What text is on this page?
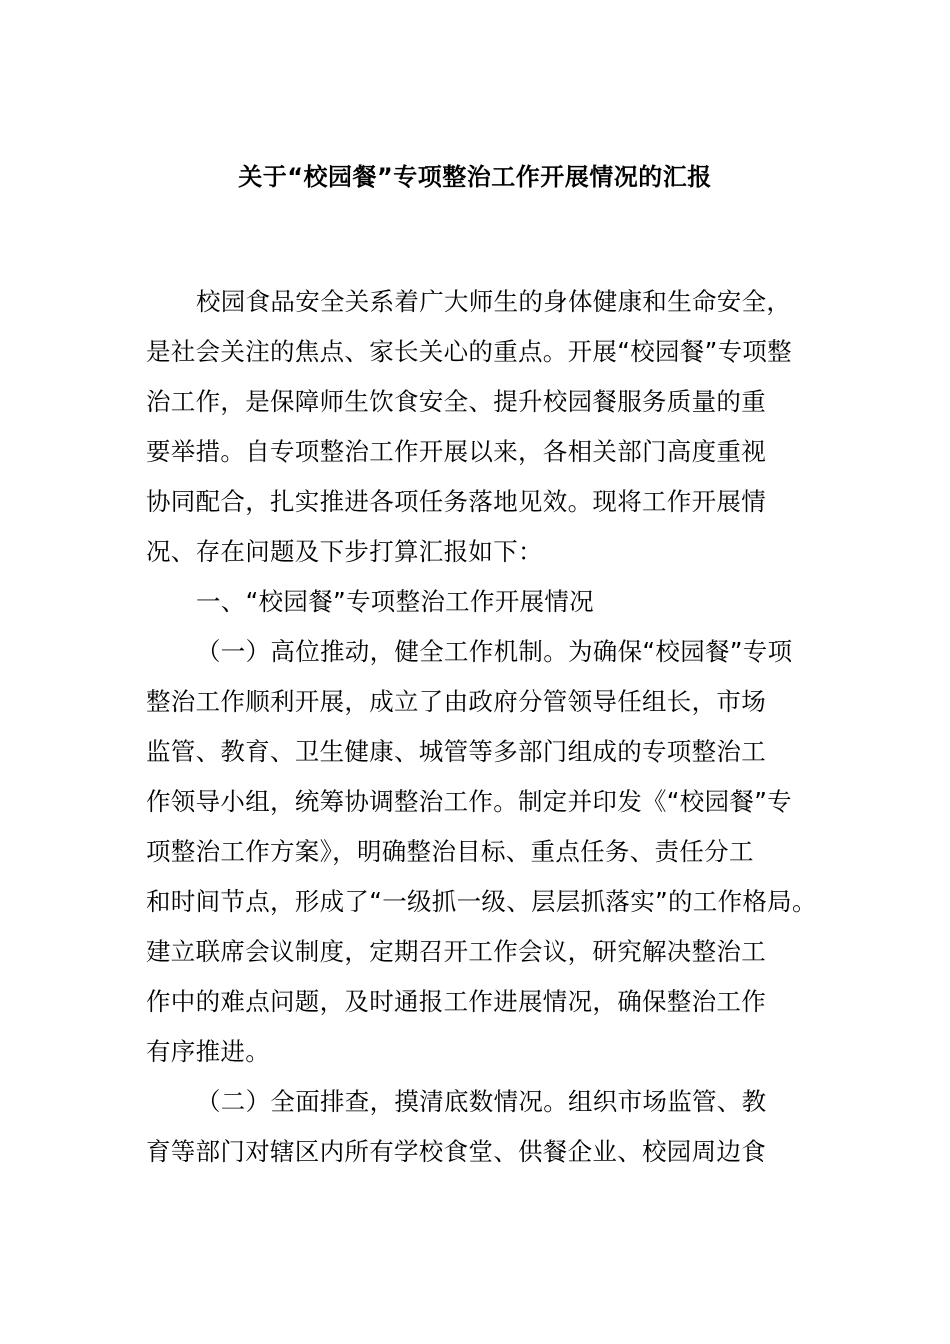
关于“校园餐”专项整治工作开展情况的汇报
校园食品安全关系着广大师生的身体健康和生命安全，
是社会关注的焦点、家长关心的重点。开展“校园餐”专项整
治工作，是保障师生饮食安全、提升校园餐服务质量的重
要举措。自专项整治工作开展以来，各相关部门高度重视
协同配合，扎实推进各项任务落地见效。现将工作开展情
况、存在问题及下步打算汇报如下：
一、“校园餐”专项整治工作开展情况
（一）高位推动，健全工作机制。为确保“校园餐”专项
整治工作顺利开展，成立了由政府分管领导任组长，市场
监管、教育、卫生健康、城管等多部门组成的专项整治工
作领导小组，统筹协调整治工作。制定并印发《“校园餐”专
项整治工作方案》，明确整治目标、重点任务、责任分工
和时间节点，形成了“一级抓一级、层层抓落实”的工作格局。
建立联席会议制度，定期召开工作会议，研究解决整治工
作中的难点问题，及时通报工作进展情况，确保整治工作
有序推进。
（二）全面排查，摸清底数情况。组织市场监管、教
育等部门对辖区内所有学校食堂、供餐企业、校园周边食
